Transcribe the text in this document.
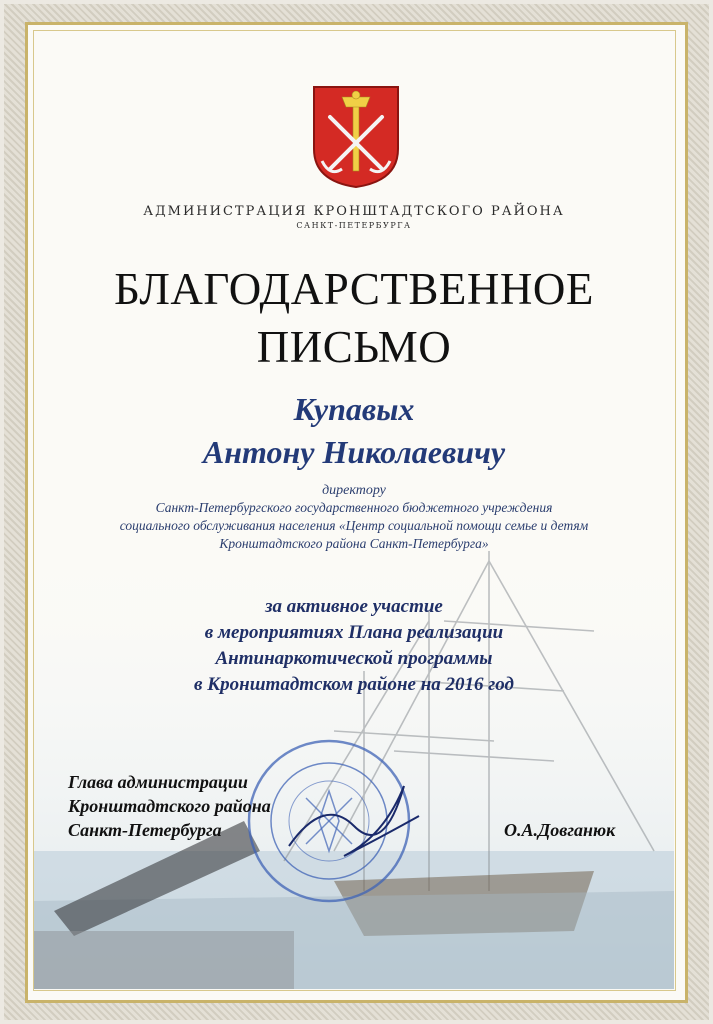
АДМИНИСТРАЦИЯ КРОНШТАДТСКОГО РАЙОНА
САНКТ-ПЕТЕРБУРГА
БЛАГОДАРСТВЕННОЕ
ПИСЬМО
Купавых
Антону Николаевичу
директору
Санкт-Петербургского государственного бюджетного учреждения
социального обслуживания населения «Центр социальной помощи семье и детям
Кронштадтского района Санкт-Петербурга»
за активное участие
в мероприятиях Плана реализации
Антинаркотической программы
в Кронштадтском районе на 2016 год
Глава администрации
Кронштадтского района
Санкт-Петербурга	О.А.Довганюк
